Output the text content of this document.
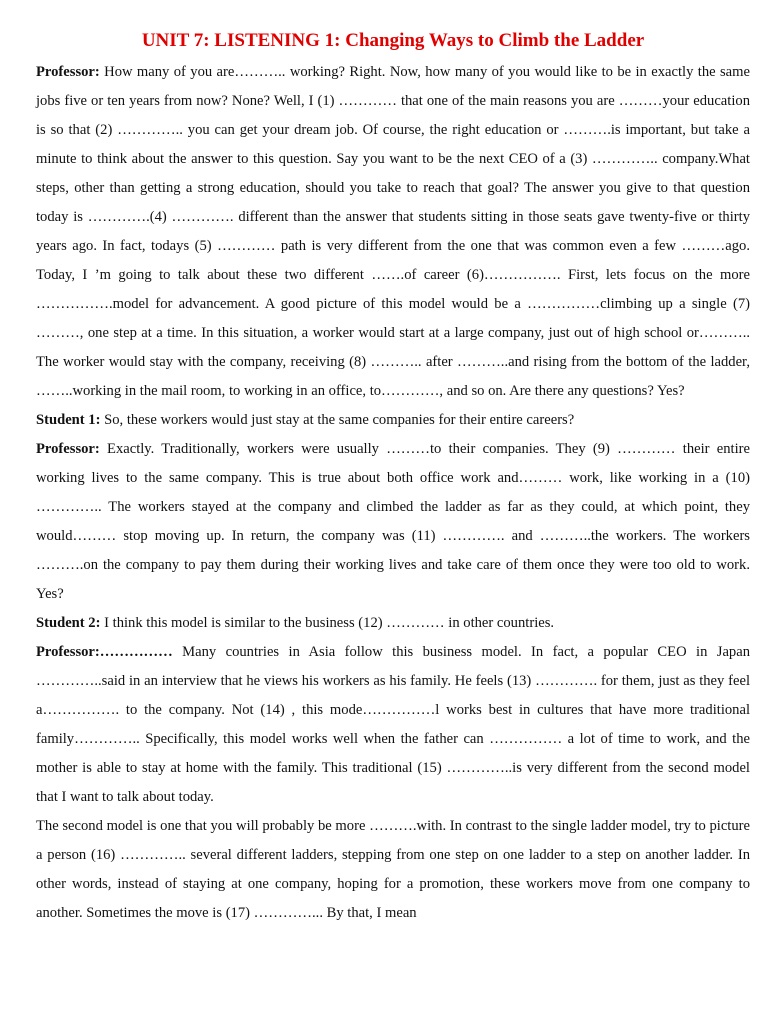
UNIT 7: LISTENING 1: Changing Ways to Climb the Ladder

Professor: How many of you are……….. working? Right. Now, how many of you would like to be in exactly the same jobs five or ten years from now? None? Well, I (1) ………… that one of the main reasons you are ………your education is so that (2) ………….. you can get your dream job. Of course, the right education or ……….is important, but take a minute to think about the answer to this question. Say you want to be the next CEO of a (3) ………….. company.What steps, other than getting a strong education, should you take to reach that goal? The answer you give to that question today is ………….(4) …………. different than the answer that students sitting in those seats gave twenty-five or thirty years ago. In fact, todays (5) ………… path is very different from the one that was common even a few ………ago. Today, I ’m going to talk about these two different …….of career (6)……………. First, lets focus on the more …………….model for advancement. A good picture of this model would be a ……………climbing up a single (7) ………, one step at a time. In this situation, a worker would start at a large company, just out of high school or……….. The worker would stay with the company, receiving (8) ……….. after ………..and rising from the bottom of the ladder, ……..working in the mail room, to working in an office, to…………, and so on. Are there any questions? Yes?

Student 1: So, these workers would just stay at the same companies for their entire careers?

Professor: Exactly. Traditionally, workers were usually ………to their companies. They (9) ………… their entire working lives to the same company. This is true about both office work and……… work, like working in a (10) ………….. The workers stayed at the company and climbed the ladder as far as they could, at which point, they would……… stop moving up. In return, the company was (11) …………. and ………..the workers. The workers ……….on the company to pay them during their working lives and take care of them once they were too old to work. Yes?

Student 2: I think this model is similar to the business (12) ………… in other countries.

Professor:…………… Many countries in Asia follow this business model. In fact, a popular CEO in Japan …………..said in an interview that he views his workers as his family. He feels (13) …………. for them, just as they feel a……………. to the company. Not (14) , this mode……………l works best in cultures that have more traditional family………….. Specifically, this model works well when the father can …………… a lot of time to work, and the mother is able to stay at home with the family. This traditional (15) …………..is very different from the second model that I want to talk about today.

The second model is one that you will probably be more ……….with. In contrast to the single ladder model, try to picture a person (16) ………….. several different ladders, stepping from one step on one ladder to a step on another ladder. In other words, instead of staying at one company, hoping for a promotion, these workers move from one company to another. Sometimes the move is (17) …………... By that, I mean
